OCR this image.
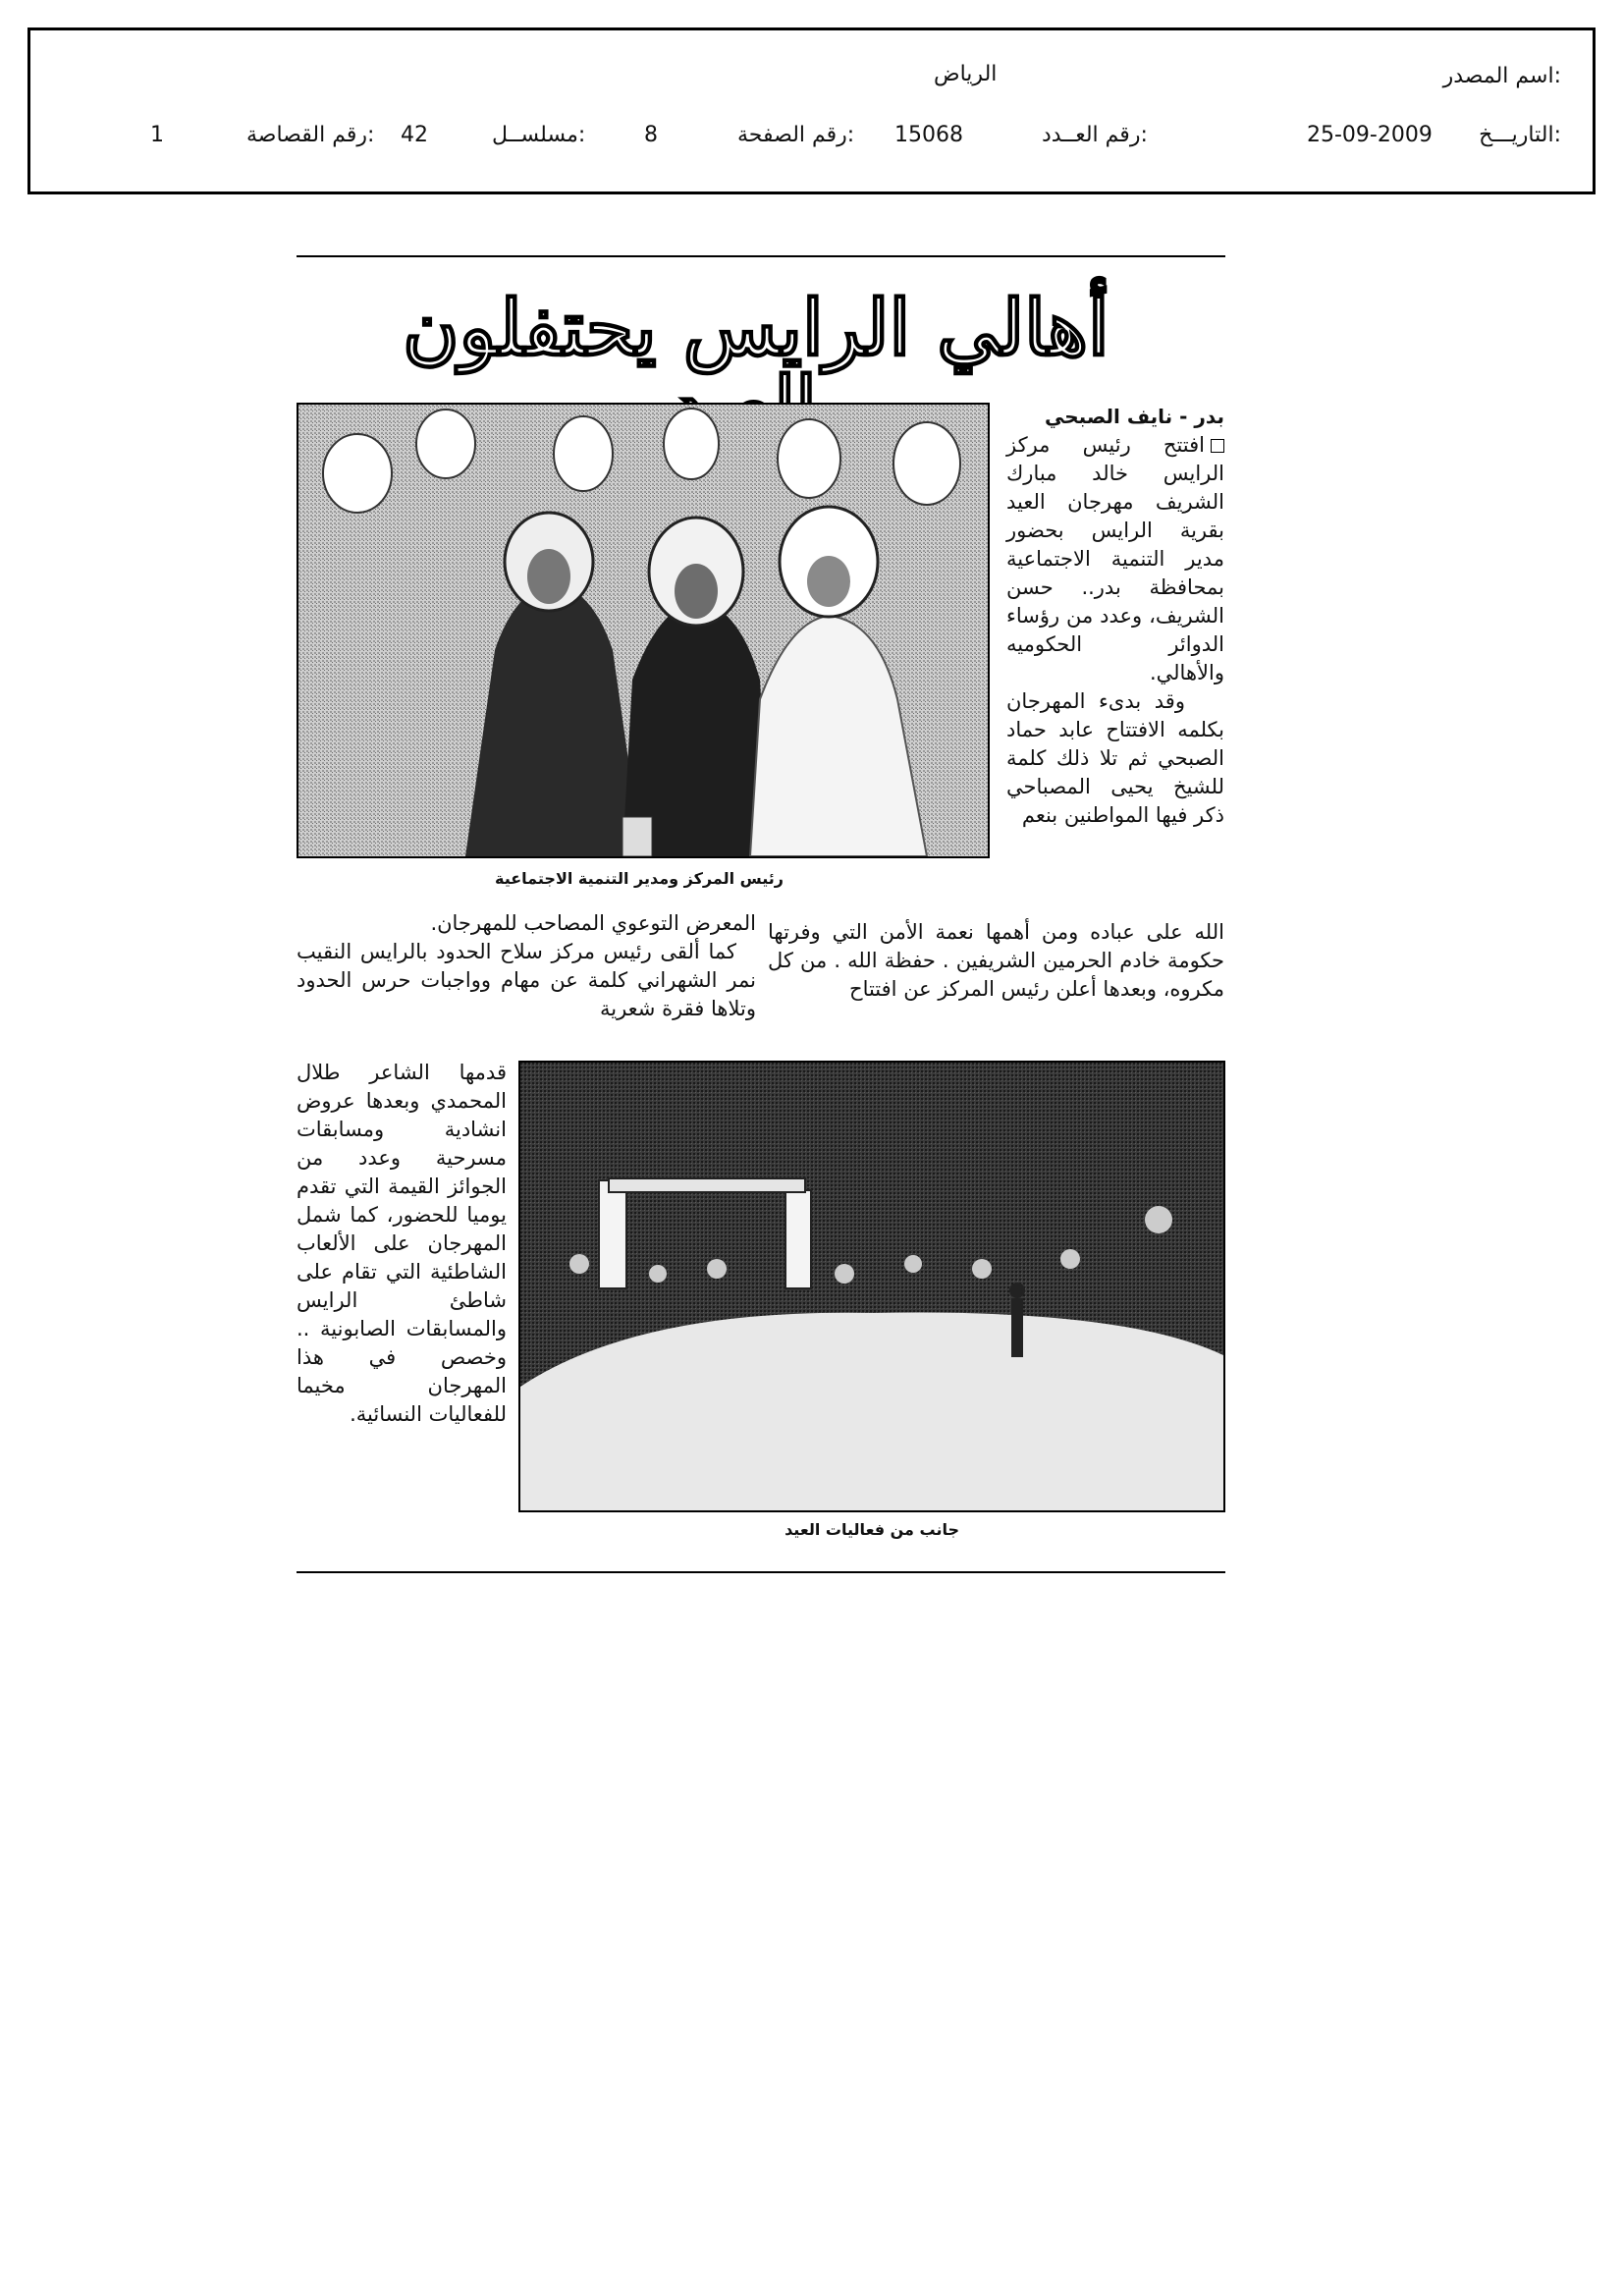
اسم المصدر:
الرياض
التاريـــخ:
25-09-2009
رقم العــدد:
15068
رقم الصفحة:
8
مسلســل:
42
رقم القصاصة:
1
أهالي الرايس يحتفلون
رئيس المركز ومدير التنمية الاجتماعية

بدر - نايف الصبحي

افتتح رئيس مركز الرايس خالد مبارك الشريف مهرجان العيد بقرية الرايس بحضور مدير التنمية الاجتماعية بمحافظة بدر.. حسن الشريف، وعدد من رؤساء الدوائر الحكوميه والأهالي.

وقد بدىء المهرجان بكلمه الافتتاح عابد حماد الصبحي ثم تلا ذلك كلمة للشيخ يحيى المصباحي ذكر فيها المواطنين بنعم

الله على عباده ومن أهمها نعمة الأمن التي وفرتها حكومة خادم الحرمين الشريفين . حفظة الله . من كل مكروه، وبعدها أعلن رئيس المركز عن افتتاح

المعرض التوعوي المصاحب للمهرجان.

كما ألقى رئيس مركز سلاح الحدود بالرايس النقيب نمر الشهراني كلمة عن مهام وواجبات حرس الحدود وتلاها فقرة شعرية

جانب من فعاليات العيد
قدمها الشاعر طلال المحمدي وبعدها عروض انشادية ومسابقات مسرحية وعدد من الجوائز القيمة التي تقدم يوميا للحضور، كما شمل المهرجان على الألعاب الشاطئية التي تقام على شاطئ الرايس والمسابقات الصابونية .. وخصص في هذا المهرجان مخيما للفعاليات النسائية.
